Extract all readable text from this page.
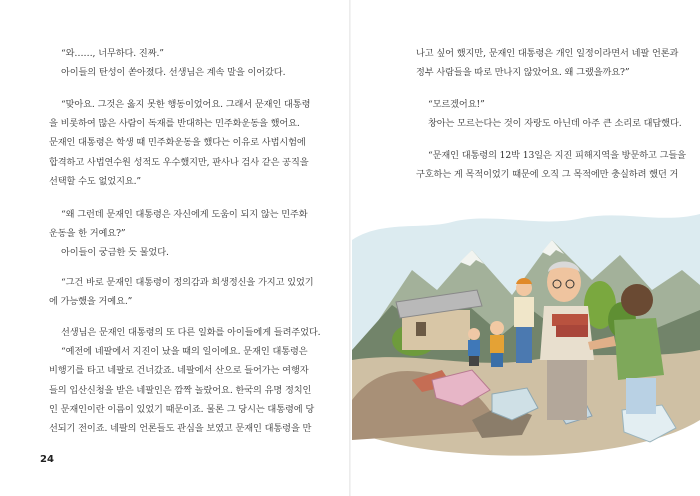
“와……, 너무하다. 진짜.”
아이들의 탄성이 쏟아졌다. 선생님은 계속 말을 이어갔다.
“맞아요. 그것은 옳지 못한 행동이었어요. 그래서 문재인 대통령
을 비롯하여 많은 사람이 독재를 반대하는 민주화운동을 했어요.
문재인 대통령은 학생 때 민주화운동을 했다는 이유로 사법시험에
합격하고 사법연수원 성적도 우수했지만, 판사나 검사 같은 공직을
선택할 수도 없었지요.”
“왜 그런데 문재인 대통령은 자신에게 도움이 되지 않는 민주화
운동을 한 거예요?”
아이들이 궁금한 듯 물었다.
“그건 바로 문재인 대통령이 정의감과 희생정신을 가지고 있었기
에 가능했을 거예요.”
선생님은 문재인 대통령의 또 다른 일화를 아이들에게 들려주었다.
“예전에 네팔에서 지진이 났을 때의 일이에요. 문재인 대통령은
비행기를 타고 네팔로 건너갔죠. 네팔에서 산으로 들어가는 여행자
들의 입산신청을 받은 네팔인은 깜짝 놀랐어요. 한국의 유명 정치인
인 문재인이란 이름이 있었기 때문이죠. 물론 그 당시는 대통령에 당
선되기 전이죠. 네팔의 언론들도 관심을 보였고 문재인 대통령을 만
24
나고 싶어 했지만, 문재인 대통령은 개인 일정이라면서 네팔 언론과
정부 사람들을 따로 만나지 않았어요. 왜 그랬을까요?”
“모르겠어요!”
창아는 모르는다는 것이 자랑도 아닌데 아주 큰 소리로 대답했다.
“문재인 대통령의 12박 13일은 지진 피해지역을 방문하고 그들을
구호하는 게 목적이었기 때문에 오직 그 목적에만 충실하려 했던 거
